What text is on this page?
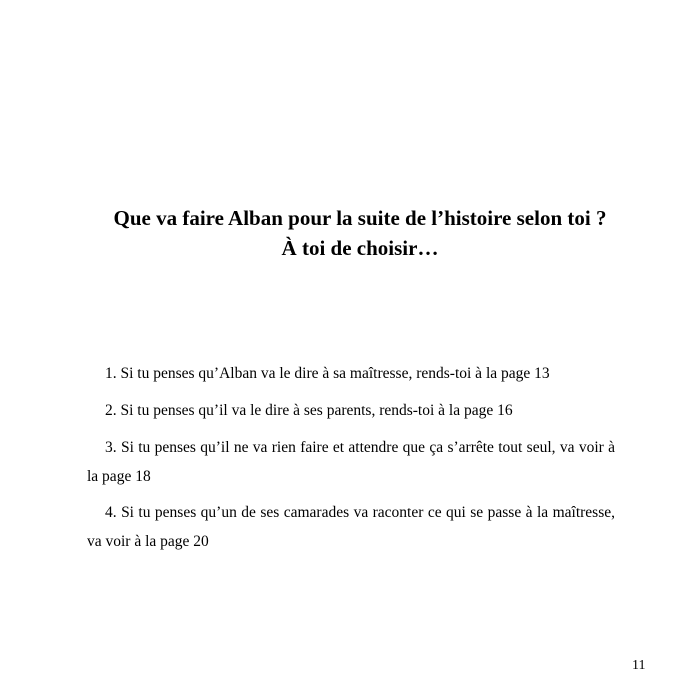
Que va faire Alban pour la suite de l’histoire selon toi ?
À toi de choisir…

1. Si tu penses qu’Alban va le dire à sa maîtresse, rends-toi à la page 13

2. Si tu penses qu’il va le dire à ses parents, rends-toi à la page 16

3. Si tu penses qu’il ne va rien faire et attendre que ça s’arrête tout seul, va voir à la page 18

4. Si tu penses qu’un de ses camarades va raconter ce qui se passe à la maîtresse, va voir à la page 20

11
